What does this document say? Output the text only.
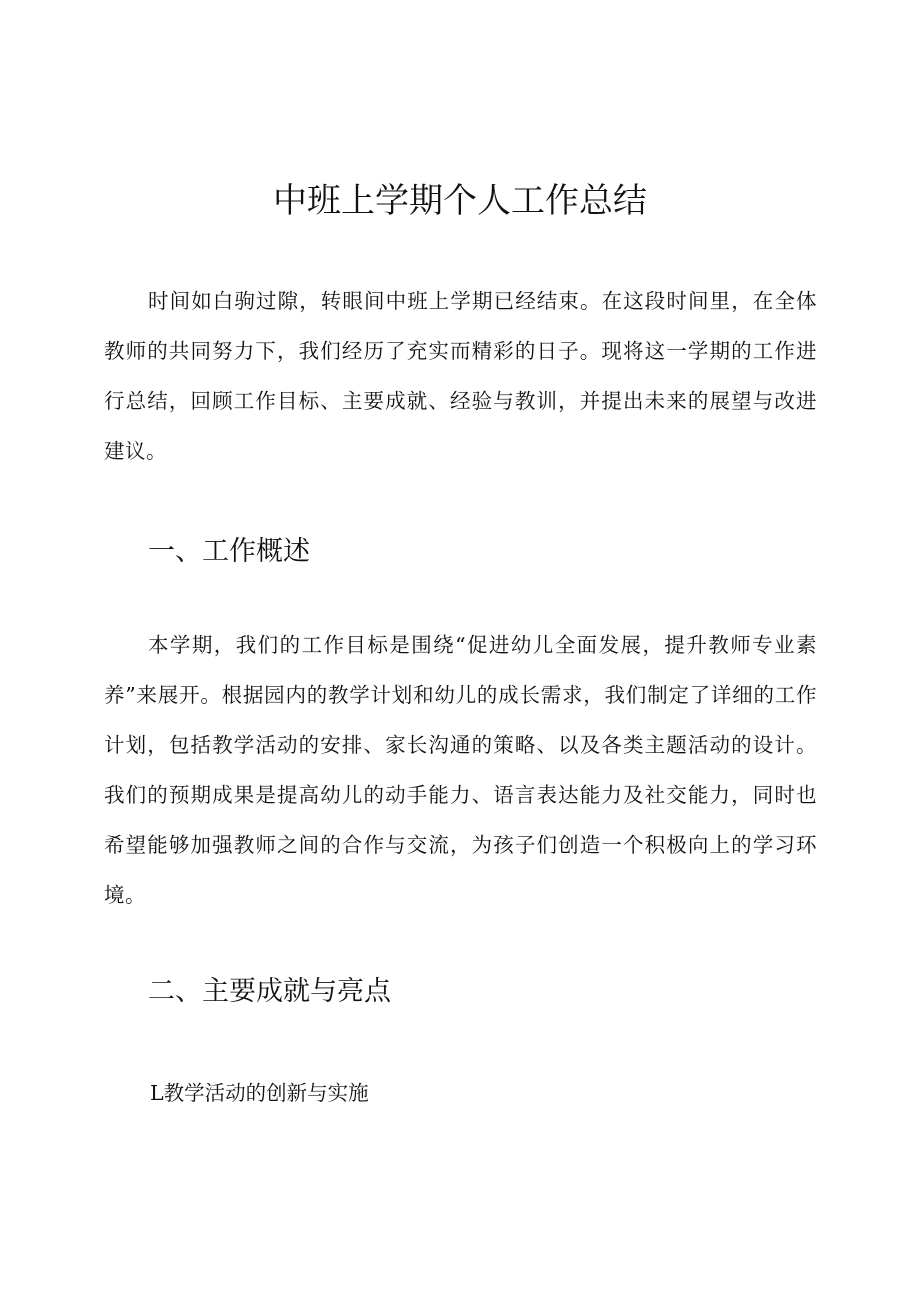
中班上学期个人工作总结

时间如白驹过隙，转眼间中班上学期已经结束。在这段时间里，在全体教师的共同努力下，我们经历了充实而精彩的日子。现将这一学期的工作进行总结，回顾工作目标、主要成就、经验与教训，并提出未来的展望与改进建议。

一、工作概述

本学期，我们的工作目标是围绕“促进幼儿全面发展，提升教师专业素养”来展开。根据园内的教学计划和幼儿的成长需求，我们制定了详细的工作计划，包括教学活动的安排、家长沟通的策略、以及各类主题活动的设计。我们的预期成果是提高幼儿的动手能力、语言表达能力及社交能力，同时也希望能够加强教师之间的合作与交流，为孩子们创造一个积极向上的学习环境。

二、主要成就与亮点

L教学活动的创新与实施
